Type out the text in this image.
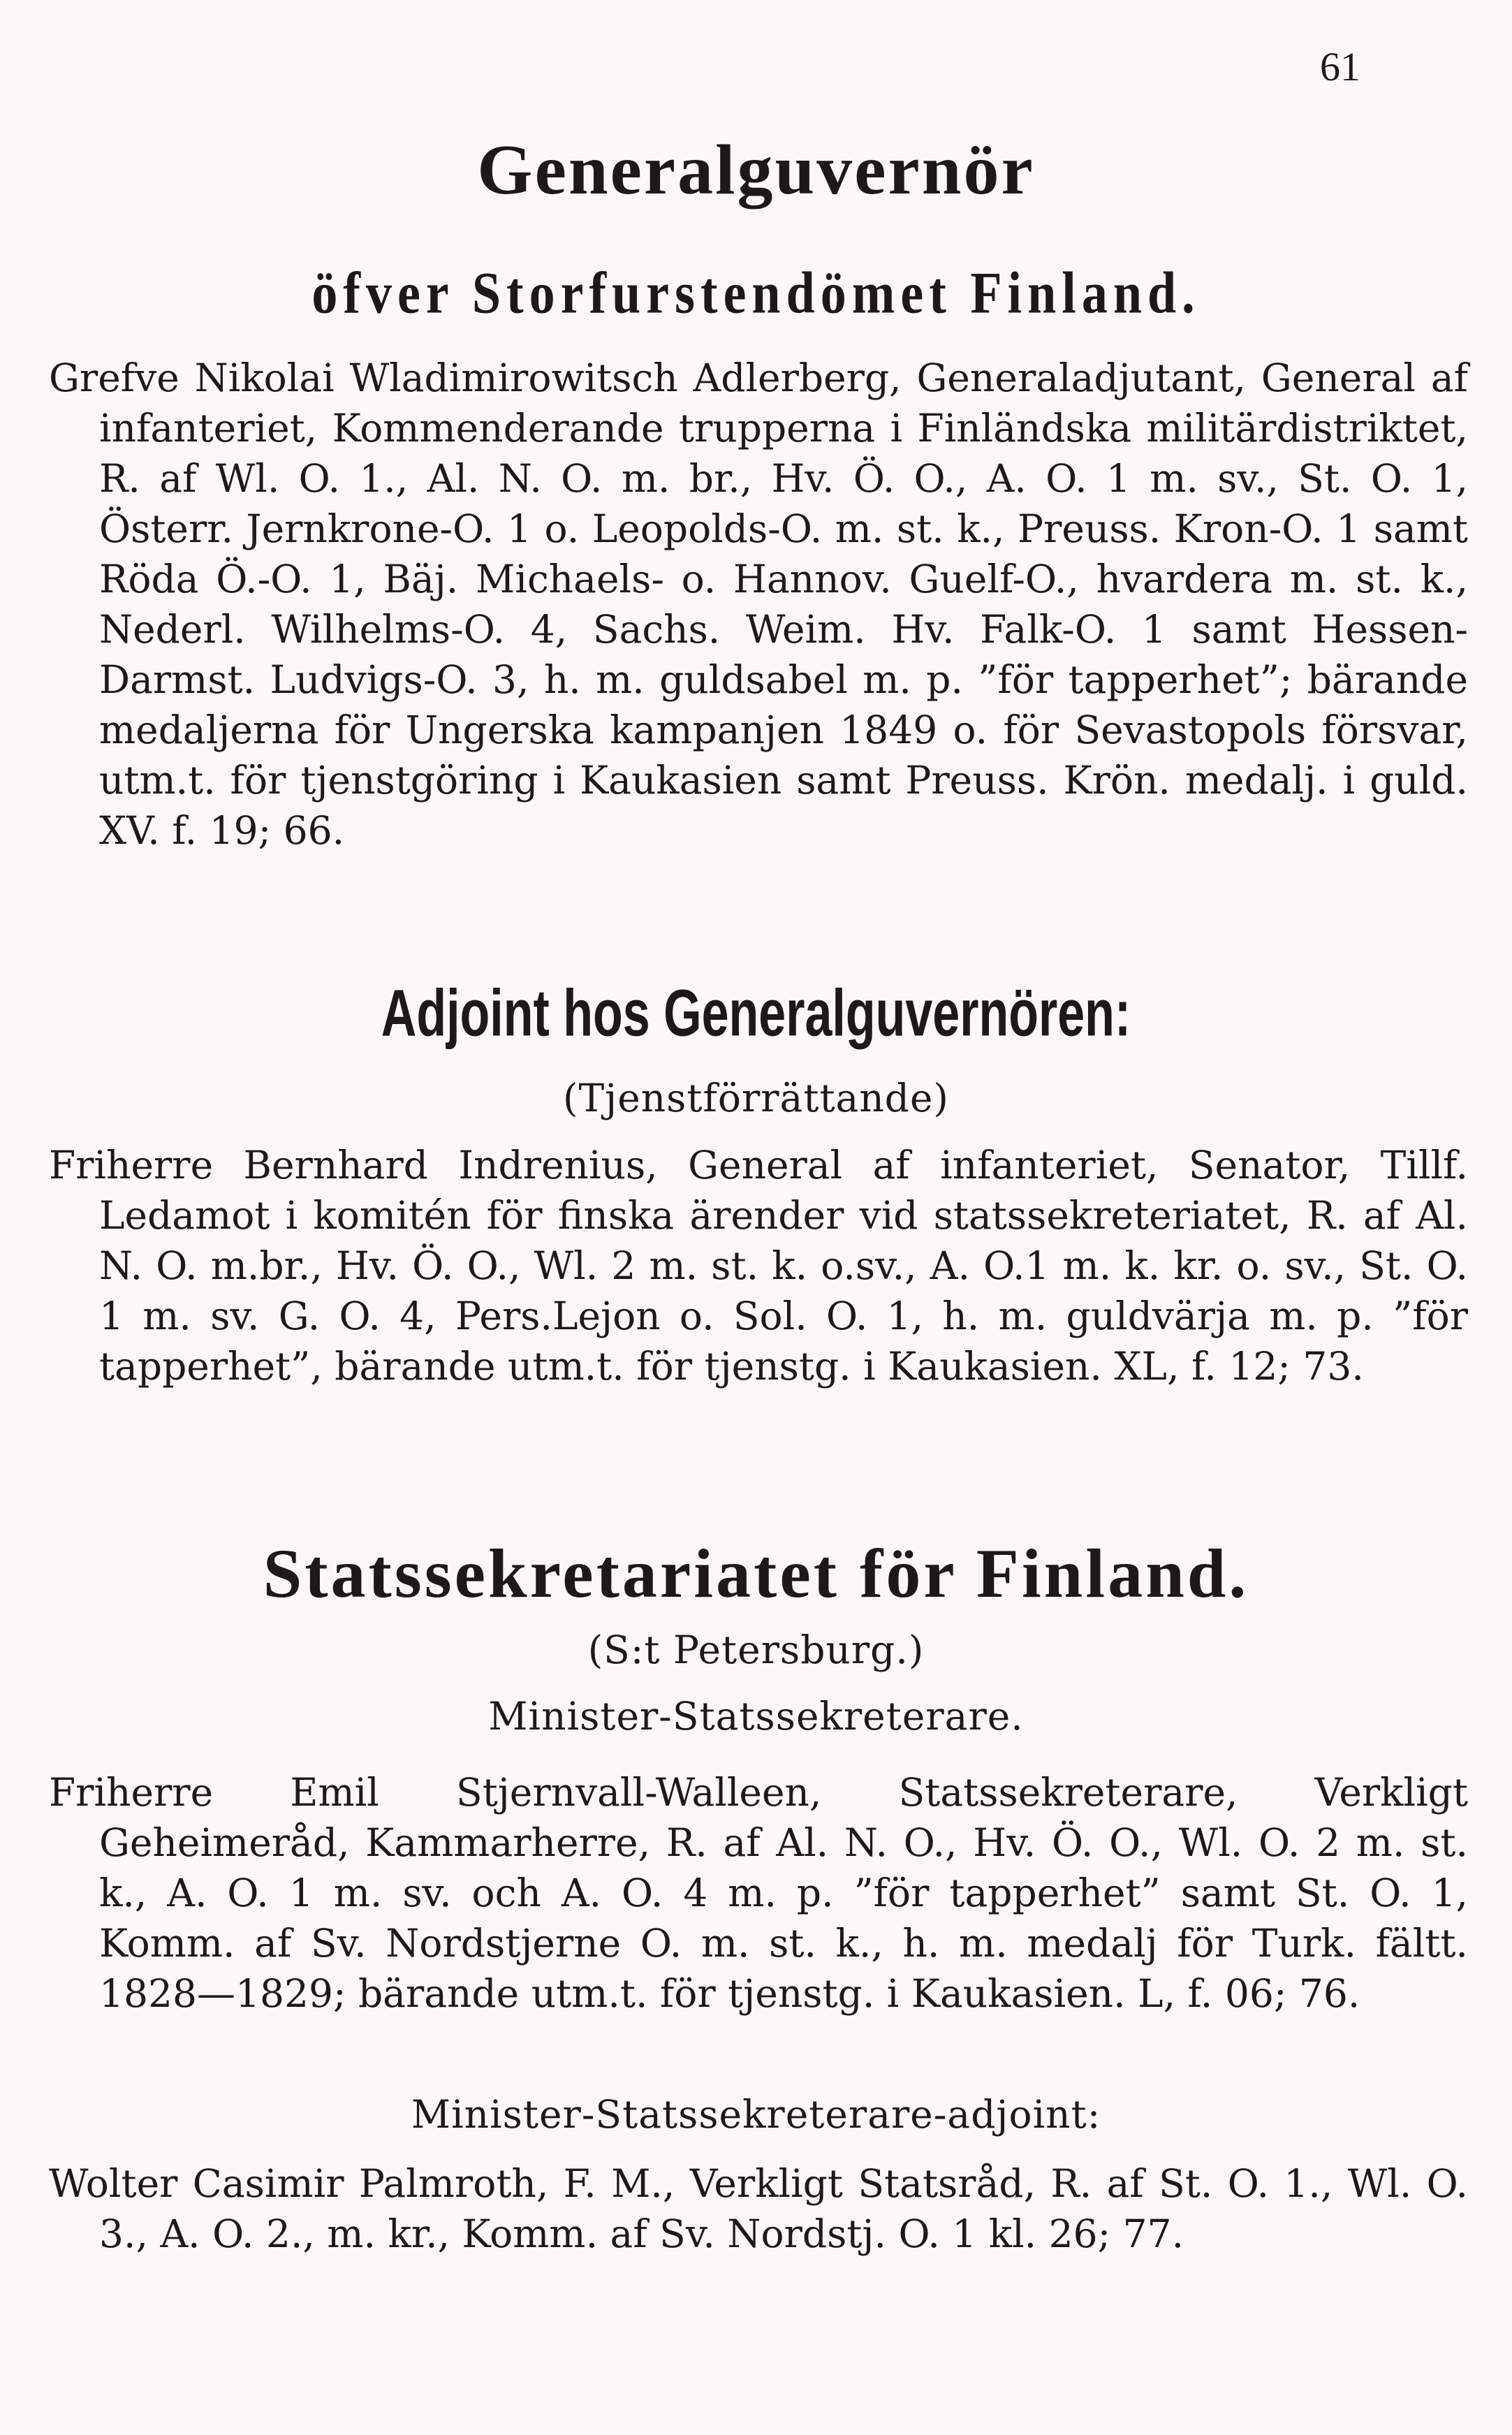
61
Generalguvernör
öfver Storfurstendömet Finland.

Grefve Nikolai Wladimirowitsch Adlerberg, Generaladjutant, General af infanteriet, Kommenderande trupperna i Finländska militärdistriktet, R. af Wl. O. 1., Al. N. O. m. br., Hv. Ö. O., A. O. 1 m. sv., St. O. 1, Österr. Jernkrone-O. 1 o. Leopolds-O. m. st. k., Preuss. Kron-O. 1 samt Röda Ö.-O. 1, Bäj. Michaels- o. Hannov. Guelf-O., hvardera m. st. k., Nederl. Wilhelms-O. 4, Sachs. Weim. Hv. Falk-O. 1 samt Hessen-Darmst. Ludvigs-O. 3, h. m. guldsabel m. p. ”för tapperhet”; bärande medaljerna för Ungerska kampanjen 1849 o. för Sevastopols försvar, utm.t. för tjenstgöring i Kaukasien samt Preuss. Krön. medalj. i guld. XV. f. 19; 66.

Adjoint hos Generalguvernören:
(Tjenstförrättande)

Friherre Bernhard Indrenius, General af infanteriet, Senator, Tillf. Ledamot i komitén för finska ärender vid statssekreteriatet, R. af Al. N. O. m.br., Hv. Ö. O., Wl. 2 m. st. k. o.sv., A. O.1 m. k. kr. o. sv., St. O. 1 m. sv. G. O. 4, Pers.Lejon o. Sol. O. 1, h. m. guldvärja m. p. ”för tapperhet”, bärande utm.t. för tjenstg. i Kaukasien. XL, f. 12; 73.

Statssekretariatet för Finland.
(S:t Petersburg.)
Minister-Statssekreterare.

Friherre Emil Stjernvall-Walleen, Statssekreterare, Verkligt Geheimeråd, Kammarherre, R. af Al. N. O., Hv. Ö. O., Wl. O. 2 m. st. k., A. O. 1 m. sv. och A. O. 4 m. p. ”för tapperhet” samt St. O. 1, Komm. af Sv. Nordstjerne O. m. st. k., h. m. medalj för Turk. fältt. 1828—1829; bärande utm.t. för tjenstg. i Kaukasien. L, f. 06; 76.

Minister-Statssekreterare-adjoint:

Wolter Casimir Palmroth, F. M., Verkligt Statsråd, R. af St. O. 1., Wl. O. 3., A. O. 2., m. kr., Komm. af Sv. Nordstj. O. 1 kl. 26; 77.
